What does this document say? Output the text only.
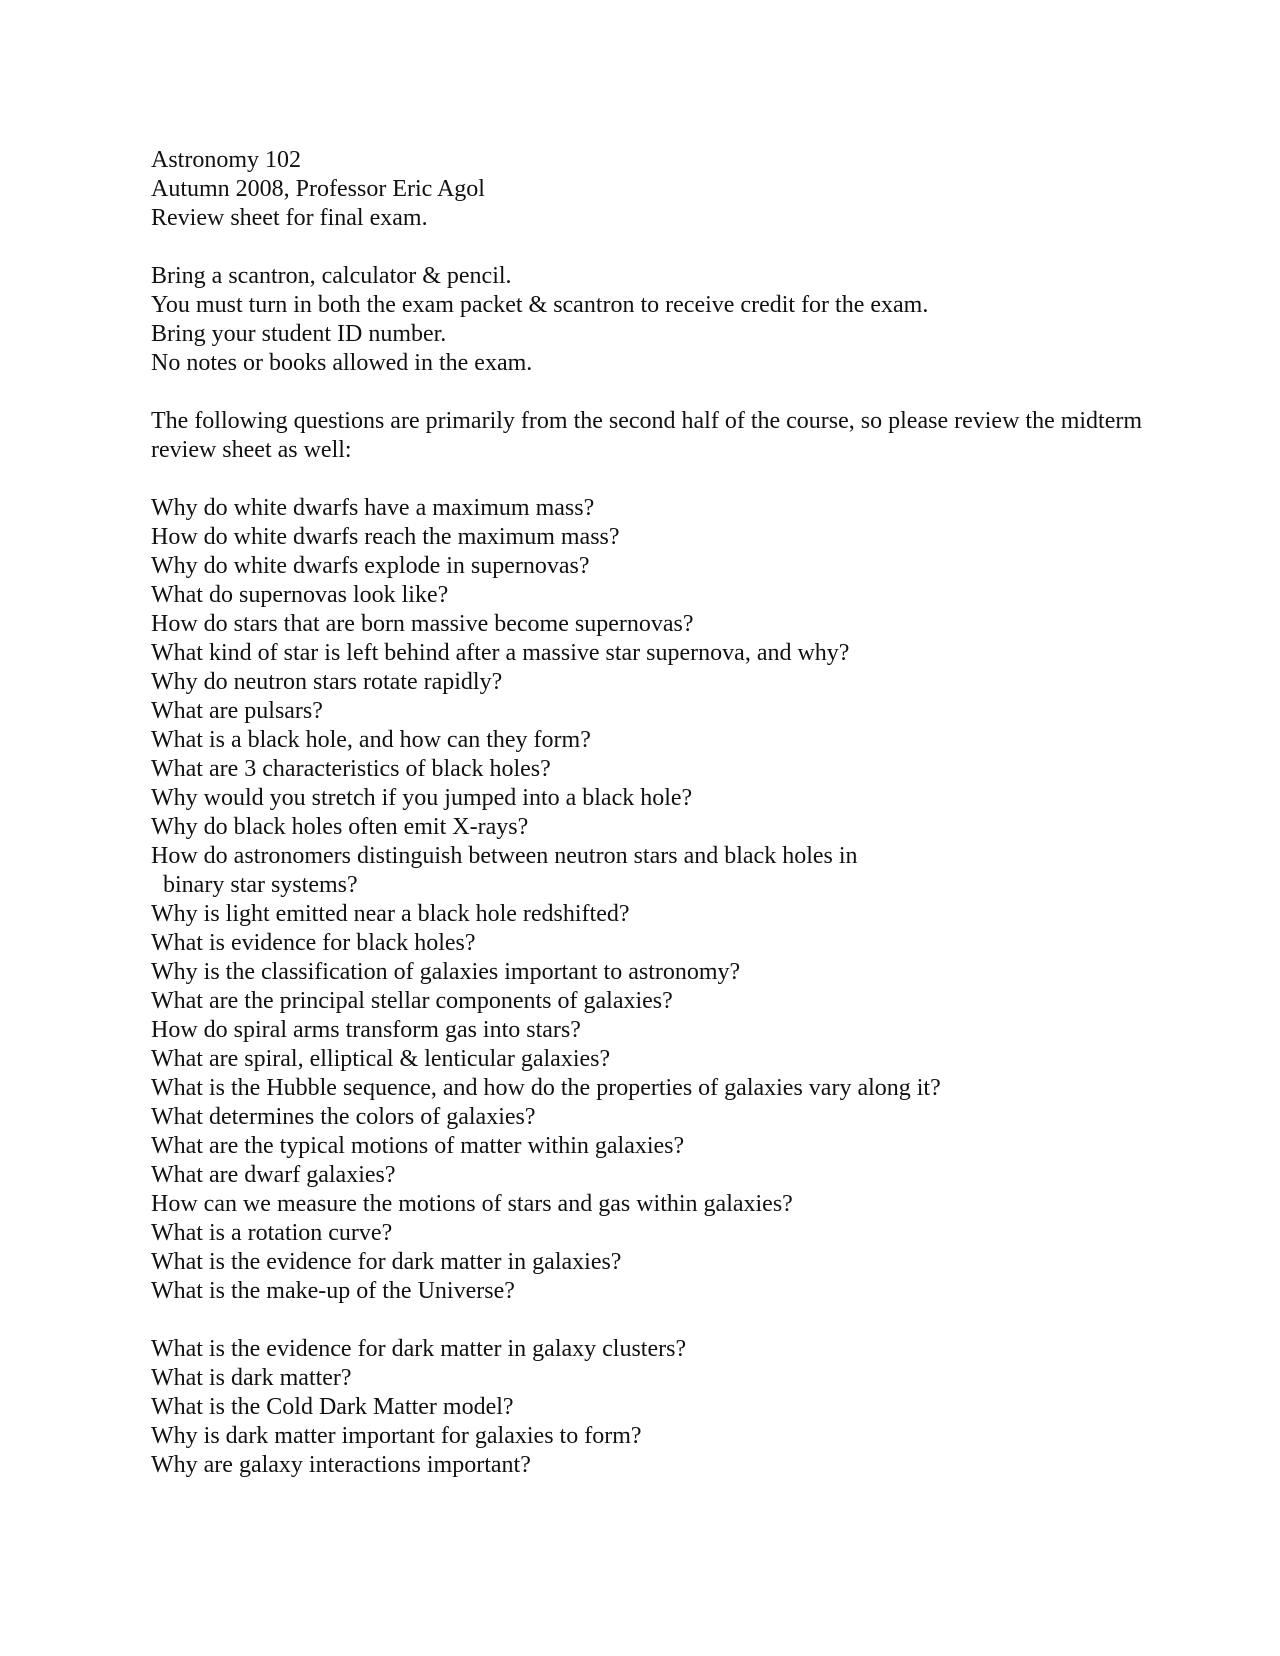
Astronomy 102
Autumn 2008, Professor Eric Agol
Review sheet for final exam.
Bring a scantron, calculator & pencil.
You must turn in both the exam packet & scantron to receive credit for the exam.
Bring your student ID number.
No notes or books allowed in the exam.
The following questions are primarily from the second half of the course, so please review the midterm review sheet as well:
Why do white dwarfs have a maximum mass?
How do white dwarfs reach the maximum mass?
Why do white dwarfs explode in supernovas?
What do supernovas look like?
How do stars that are born massive become supernovas?
What kind of star is left behind after a massive star supernova, and why?
Why do neutron stars rotate rapidly?
What are pulsars?
What is a black hole, and how can they form?
What are 3 characteristics of black holes?
Why would you stretch if you jumped into a black hole?
Why do black holes often emit X-rays?
How do astronomers distinguish between neutron stars and black holes in
binary star systems?
Why is light emitted near a black hole redshifted?
What is evidence for black holes?
Why is the classification of galaxies important to astronomy?
What are the principal stellar components of galaxies?
How do spiral arms transform gas into stars?
What are spiral, elliptical & lenticular galaxies?
What is the Hubble sequence, and how do the properties of galaxies vary along it?
What determines the colors of galaxies?
What are the typical motions of matter within galaxies?
What are dwarf galaxies?
How can we measure the motions of stars and gas within galaxies?
What is a rotation curve?
What is the evidence for dark matter in galaxies?
What is the make-up of the Universe?
What is the evidence for dark matter in galaxy clusters?
What is dark matter?
What is the Cold Dark Matter model?
Why is dark matter important for galaxies to form?
Why are galaxy interactions important?
